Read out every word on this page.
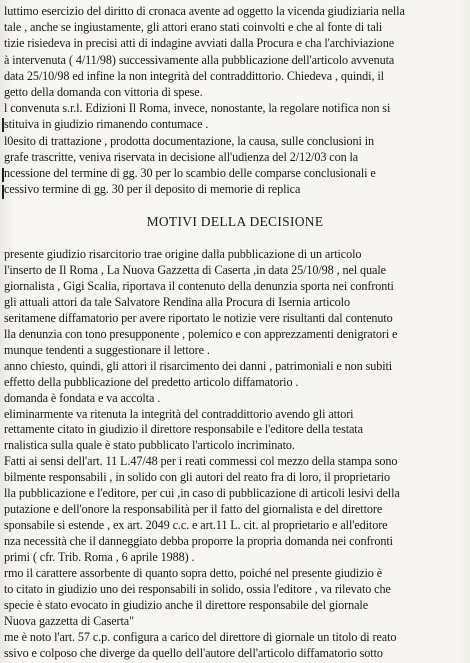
luttimo esercizio del diritto di cronaca avente ad oggetto la vicenda giudiziaria nella
tale , anche se ingiustamente, gli attori erano stati coinvolti e che al fonte di tali
tizie risiedeva in precisi atti di indagine avviati dalla Procura e cha l'archiviazione
à intervenuta ( 4/11/98) successivamente alla pubblicazione dell'articolo avvenuta
data 25/10/98 ed infine la non integrità del contraddittorio. Chiedeva , quindi, il
getto della domanda con vittoria di spese.
l convenuta s.r.l. Edizioni Il Roma, invece, nonostante, la regolare notifica non si
stituiva in giudizio rimanendo contumace .
l0esito di trattazione , prodotta documentazione, la causa, sulle conclusioni in
grafe trascritte, veniva riservata in decisione all'udienza del 2/12/03 con la
ncessione del termine di gg. 30 per lo scambio delle comparse conclusionali e
cessivo termine di gg. 30 per il deposito di memorie di replica
MOTIVI DELLA DECISIONE
presente giudizio risarcitorio trae origine dalla pubblicazione di un articolo
l'inserto de Il Roma , La Nuova Gazzetta di Caserta ,in data 25/10/98 , nel quale
giornalista , Gigi Scalia, riportava il contenuto della denunzia sporta nei confronti
gli attuali attori da tale Salvatore Rendina alla Procura di Isernia articolo
seritamene diffamatorio per avere riportato le notizie vere risultanti dal contenuto
lla denunzia con tono presupponente , polemico e con apprezzamenti denigratori e
munque tendenti a suggestionare il lettore .
anno chiesto, quindi, gli attori il risarcimento dei danni , patrimoniali e non subiti
effetto della pubblicazione del predetto articolo diffamatorio .
domanda è fondata e va accolta .
eliminarmente va ritenuta la integrità del contraddittorio avendo gli attori
rettamente citato in giudizio il direttore responsabile e l'editore della testata
rnalistica sulla quale è stato pubblicato l'articolo incriminato.
Fatti ai sensi dell'art. 11 L.47/48 per i reati commessi col mezzo della stampa sono
bilmente responsabili , in solido con gli autori del reato fra di loro, il proprietario
lla pubblicazione e l'editore, per cui ,in caso di pubblicazione di articoli lesivi della
putazione e dell'onore la responsabilità per il fatto del giornalista e del direttore
sponsabile si estende , ex art. 2049 c.c. e art.11 L. cit. al proprietario e all'editore
nza necessità che il danneggiato debba proporre la propria domanda nei confronti
primi ( cfr. Trib. Roma , 6 aprile 1988) .
rmo il carattere assorbente di quanto sopra detto, poiché nel presente giudizio è
to citato in giudizio uno dei responsabili in solido, ossia l'editore , va rilevato che
specie è stato evocato in giudizio anche il direttore responsabile del giornale
Nuova gazzetta di Caserta"
me è noto l'art. 57 c.p. configura a carico del direttore di giornale un titolo di reato
ssivo e colposo che diverge da quello dell'autore dell'articolo diffamatorio sotto
